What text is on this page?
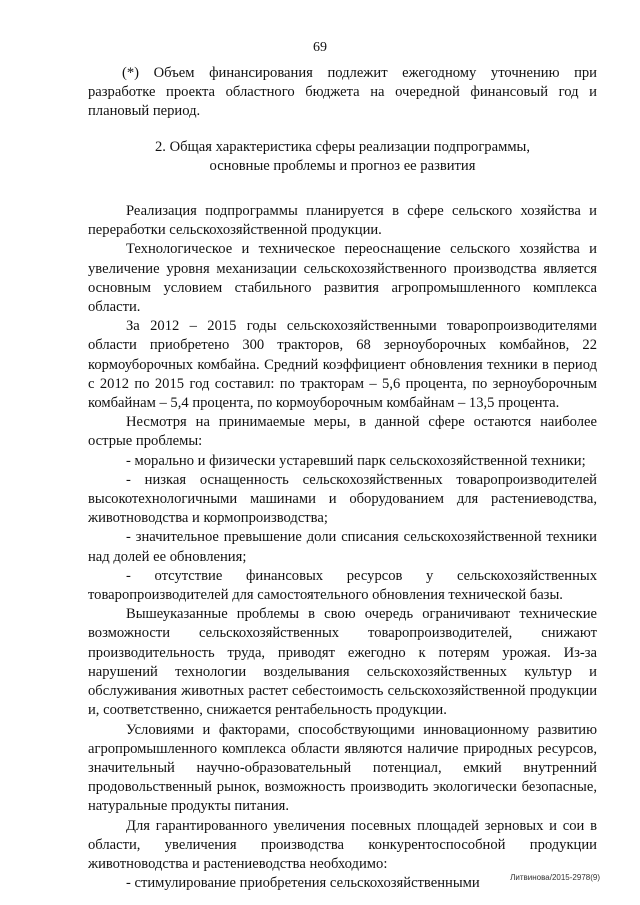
69

(*) Объем финансирования подлежит ежегодному уточнению при разработке проекта областного бюджета на очередной финансовый год и плановый период.

2. Общая характеристика сферы реализации подпрограммы,
основные проблемы и прогноз ее развития

Реализация подпрограммы планируется в сфере сельского хозяйства и переработки сельскохозяйственной продукции.

Технологическое и техническое переоснащение сельского хозяйства и увеличение уровня механизации сельскохозяйственного производства является основным условием стабильного развития агропромышленного комплекса области.

За 2012 – 2015 годы сельскохозяйственными товаропроизводителями области приобретено 300 тракторов, 68 зерноуборочных комбайнов, 22 кормоуборочных комбайна. Средний коэффициент обновления техники в период с 2012 по 2015 год составил: по тракторам – 5,6 процента, по зерноуборочным комбайнам – 5,4 процента, по кормоуборочным комбайнам – 13,5 процента.

Несмотря на принимаемые меры, в данной сфере остаются наиболее острые проблемы:

- морально и физически устаревший парк сельскохозяйственной техники;

- низкая оснащенность сельскохозяйственных товаропроизводителей высокотехнологичными машинами и оборудованием для растениеводства, животноводства и кормопроизводства;

- значительное превышение доли списания сельскохозяйственной техники над долей ее обновления;

- отсутствие финансовых ресурсов у сельскохозяйственных товаропроизводителей для самостоятельного обновления технической базы.

Вышеуказанные проблемы в свою очередь ограничивают технические возможности сельскохозяйственных товаропроизводителей, снижают производительность труда, приводят ежегодно к потерям урожая. Из-за нарушений технологии возделывания сельскохозяйственных культур и обслуживания животных растет себестоимость сельскохозяйственной продукции и, соответственно, снижается рентабельность продукции.

Условиями и факторами, способствующими инновационному развитию агропромышленного комплекса области являются наличие природных ресурсов, значительный научно-образовательный потенциал, емкий внутренний продовольственный рынок, возможность производить экологически безопасные, натуральные продукты питания.

Для гарантированного увеличения посевных площадей зерновых и сои в области, увеличения производства конкурентоспособной продукции животноводства и растениеводства необходимо:

- стимулирование приобретения сельскохозяйственными	Литвинова/2015-2978(9)
